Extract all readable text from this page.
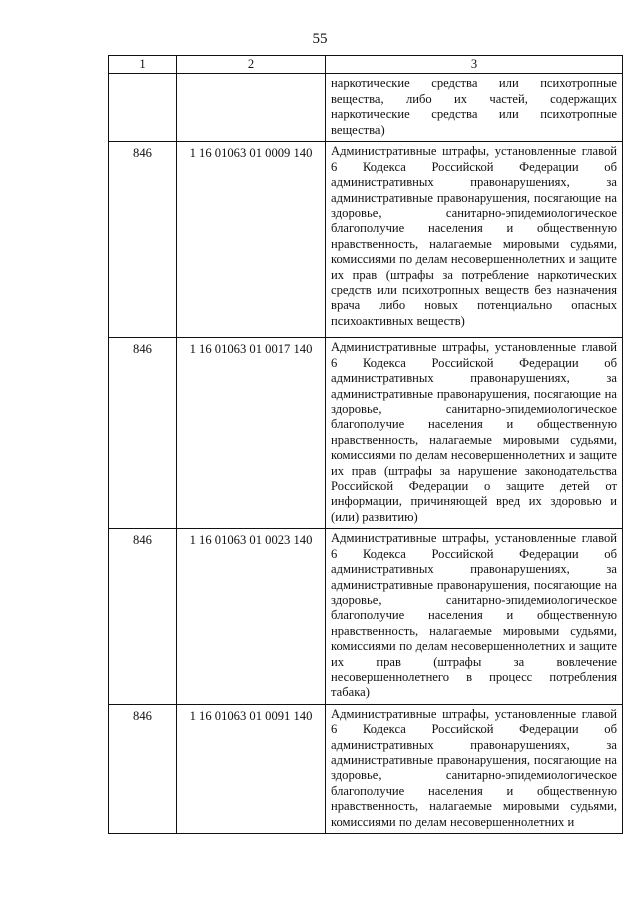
55
1	2	3
		наркотические средства или психотропные вещества, либо их частей, содержащих наркотические средства или психотропные вещества)
846	1 16 01063 01 0009 140	Административные штрафы, установленные главой 6 Кодекса Российской Федерации об административных правонарушениях, за административные правонарушения, посягающие на здоровье, санитарно-эпидемиологическое благополучие населения и общественную нравственность, налагаемые мировыми судьями, комиссиями по делам несовершеннолетних и защите их прав (штрафы за потребление наркотических средств или психотропных веществ без назначения врача либо новых потенциально опасных психоактивных веществ)
846	1 16 01063 01 0017 140	Административные штрафы, установленные главой 6 Кодекса Российской Федерации об административных правонарушениях, за административные правонарушения, посягающие на здоровье, санитарно-эпидемиологическое благополучие населения и общественную нравственность, налагаемые мировыми судьями, комиссиями по делам несовершеннолетних и защите их прав (штрафы за нарушение законодательства Российской Федерации о защите детей от информации, причиняющей вред их здоровью и (или) развитию)
846	1 16 01063 01 0023 140	Административные штрафы, установленные главой 6 Кодекса Российской Федерации об административных правонарушениях, за административные правонарушения, посягающие на здоровье, санитарно-эпидемиологическое благополучие населения и общественную нравственность, налагаемые мировыми судьями, комиссиями по делам несовершеннолетних и защите их прав (штрафы за вовлечение несовершеннолетнего в процесс потребления табака)
846	1 16 01063 01 0091 140	Административные штрафы, установленные главой 6 Кодекса Российской Федерации об административных правонарушениях, за административные правонарушения, посягающие на здоровье, санитарно-эпидемиологическое благополучие населения и общественную нравственность, налагаемые мировыми судьями, комиссиями по делам несовершеннолетних и
